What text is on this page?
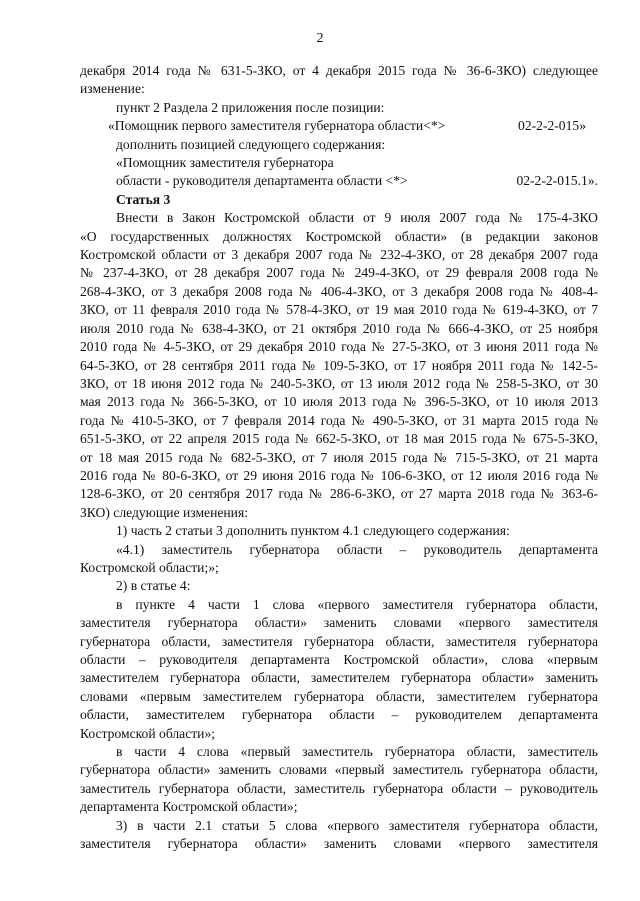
2

декабря 2014 года № 631-5-ЗКО, от 4 декабря 2015 года № 36-6-ЗКО) следующее

изменение:

пункт 2 Раздела 2 приложения после позиции:

«Помощник первого заместителя губернатора области<*>	02-2-2-015»

дополнить позицией следующего содержания:

«Помощник заместителя губернатора

области - руководителя департамента области <*>	02-2-2-015.1».

Статья 3

Внести в Закон Костромской области от 9 июля 2007 года № 175-4-ЗКО

«О государственных должностях Костромской области» (в редакции законов

Костромской области от 3 декабря 2007 года № 232-4-ЗКО, от 28 декабря 2007 года

№ 237-4-ЗКО, от 28 декабря 2007 года № 249-4-ЗКО, от 29 февраля 2008 года №

268-4-ЗКО, от 3 декабря 2008 года № 406-4-ЗКО, от 3 декабря 2008 года № 408-4-

ЗКО, от 11 февраля 2010 года № 578-4-ЗКО, от 19 мая 2010 года № 619-4-ЗКО, от 7

июля 2010 года № 638-4-ЗКО, от 21 октября 2010 года № 666-4-ЗКО, от 25 ноября

2010 года № 4-5-ЗКО, от 29 декабря 2010 года № 27-5-ЗКО, от 3 июня 2011 года №

64-5-ЗКО, от 28 сентября 2011 года № 109-5-ЗКО, от 17 ноября 2011 года № 142-5-

ЗКО, от 18 июня 2012 года № 240-5-ЗКО, от 13 июля 2012 года № 258-5-ЗКО, от 30

мая 2013 года № 366-5-ЗКО, от 10 июля 2013 года № 396-5-ЗКО, от 10 июля 2013

года № 410-5-ЗКО, от 7 февраля 2014 года № 490-5-ЗКО, от 31 марта 2015 года №

651-5-ЗКО, от 22 апреля 2015 года № 662-5-ЗКО, от 18 мая 2015 года № 675-5-ЗКО,

от 18 мая 2015 года № 682-5-ЗКО, от 7 июля 2015 года № 715-5-ЗКО, от 21 марта

2016 года № 80-6-ЗКО, от 29 июня 2016 года № 106-6-ЗКО, от 12 июля 2016 года №

128-6-ЗКО, от 20 сентября 2017 года № 286-6-ЗКО, от 27 марта 2018 года № 363-6-

ЗКО) следующие изменения:

1) часть 2 статьи 3 дополнить пунктом 4.1 следующего содержания:

«4.1) заместитель губернатора области – руководитель департамента

Костромской области;»;

2) в статье 4:

в пункте 4 части 1 слова «первого заместителя губернатора области,

заместителя губернатора области» заменить словами «первого заместителя

губернатора области, заместителя губернатора области, заместителя губернатора

области – руководителя департамента Костромской области», слова «первым

заместителем губернатора области, заместителем губернатора области» заменить

словами «первым заместителем губернатора области, заместителем губернатора

области, заместителем губернатора области – руководителем департамента

Костромской области»;

в части 4 слова «первый заместитель губернатора области, заместитель

губернатора области» заменить словами «первый заместитель губернатора области,

заместитель губернатора области, заместитель губернатора области – руководитель

департамента Костромской области»;

3) в части 2.1 статьи 5 слова «первого заместителя губернатора области,

заместителя губернатора области» заменить словами «первого заместителя
